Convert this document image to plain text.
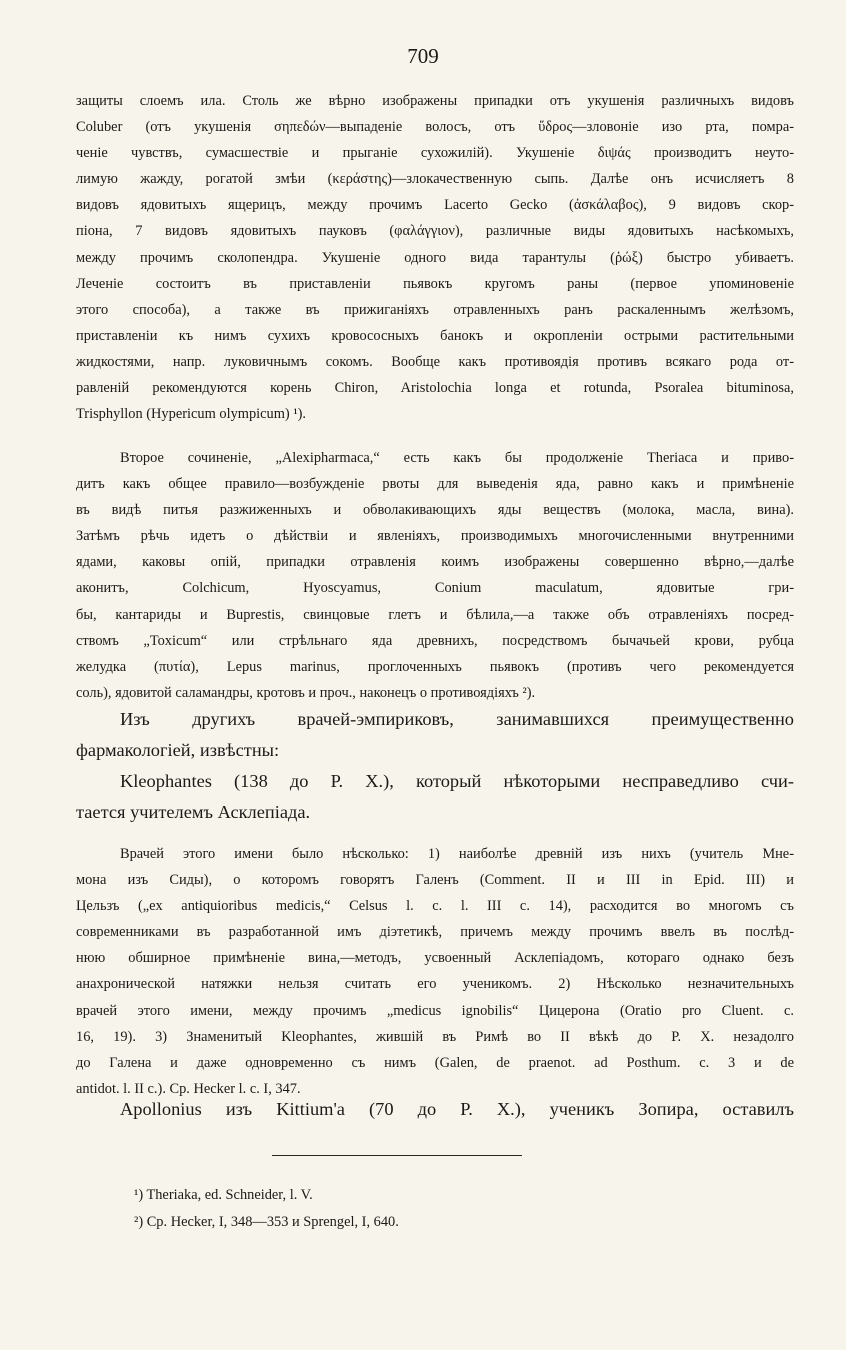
709
защиты слоемъ ила. Столь же вѣрно изображены припадки отъ укушенія различныхъ видовъ
Coluber (отъ укушенія σηπεδών—выпаденіе волосъ, отъ ὕδρος—зловоніе изо рта, помра-
ченіе чувствъ, сумасшествіе и прыганіе сухожилій). Укушеніе διψάς производитъ неуто-
лимую жажду, рогатой змѣи (κεράστης)—злокачественную сыпь. Далѣе онъ исчисляетъ 8
видовъ ядовитыхъ ящерицъ, между прочимъ Lacerto Gecko (ἀσκάλαβος), 9 видовъ скор-
піона, 7 видовъ ядовитыхъ пауковъ (φαλάγγιον), различные виды ядовитыхъ насѣкомыхъ,
между прочимъ сколопендра. Укушеніе одного вида тарантулы (ῥώξ) быстро убиваетъ.
Леченіе состоитъ въ приставленіи пьявокъ кругомъ раны (первое упоминовеніе
этого способа), а также въ прижиганіяхъ отравленныхъ ранъ раскаленнымъ желѣзомъ,
приставленіи къ нимъ сухихъ кровососныхъ банокъ и окропленіи острыми растительными
жидкостями, напр. луковичнымъ сокомъ. Вообще какъ противоядія противъ всякаго рода от-
равленій рекомендуются корень Chiron, Aristolochia longa et rotunda, Psoralea bituminosa,
Trisphyllon (Hypericum olympicum) ¹).
Второе сочиненіе, „Alexipharmaca,“ есть какъ бы продолженіе Theriaca и приво-
дитъ какъ общее правило—возбужденіе рвоты для выведенія яда, равно какъ и примѣненіе
въ видѣ питья разжиженныхъ и обволакивающихъ яды веществъ (молока, масла, вина).
Затѣмъ рѣчь идетъ о дѣйствіи и явленіяхъ, производимыхъ многочисленными внутренними
ядами, каковы опій, припадки отравленія коимъ изображены совершенно вѣрно,—далѣе
аконитъ, Colchicum, Hyoscyamus, Conium maculatum, ядовитые гри-
бы, кантариды и Buprestis, свинцовые глетъ и бѣлила,—а также объ отравленіяхъ посред-
ствомъ „Toxicum“ или стрѣльнаго яда древнихъ, посредствомъ бычачьей крови, рубца
желудка (πυτία), Lepus marinus, проглоченныхъ пьявокъ (противъ чего рекомендуется
соль), ядовитой саламандры, кротовъ и проч., наконецъ о противоядіяхъ ²).
Изъ другихъ врачей-эмпириковъ, занимавшихся преимущественно
фармакологіей, извѣстны:
Kleophantes (138 до Р. X.), который нѣкоторыми несправедливо счи-
тается учителемъ Асклепіада.
Врачей этого имени было нѣсколько: 1) наиболѣе древній изъ нихъ (учитель Мне-
мона изъ Сиды), о которомъ говорятъ Галенъ (Comment. II и III in Epid. III) и
Цельзъ („ex antiquioribus medicis,“ Celsus l. c. l. III c. 14), расходится во многомъ съ
современниками въ разработанной имъ діэтетикѣ, причемъ между прочимъ ввелъ въ послѣд-
нюю обширное примѣненіе вина,—методъ, усвоенный Асклепіадомъ, котораго однако безъ
анахронической натяжки нельзя считать его ученикомъ. 2) Нѣсколько незначительныхъ
врачей этого имени, между прочимъ „medicus ignobilis“ Цицерона (Oratio pro Cluent. c.
16, 19). 3) Знаменитый Kleophantes, жившій въ Римѣ во II вѣкѣ до Р. X. незадолго
до Галена и даже одновременно съ нимъ (Galen, de praenot. ad Posthum. c. 3 и de
antidot. l. II c.). Ср. Hecker l. c. I, 347.
Apollonius изъ Kittium'a (70 до Р. X.), ученикъ Зопира, оставилъ
¹) Theriaka, ed. Schneider, l. V.
²) Ср. Hecker, I, 348—353 и Sprengel, I, 640.
